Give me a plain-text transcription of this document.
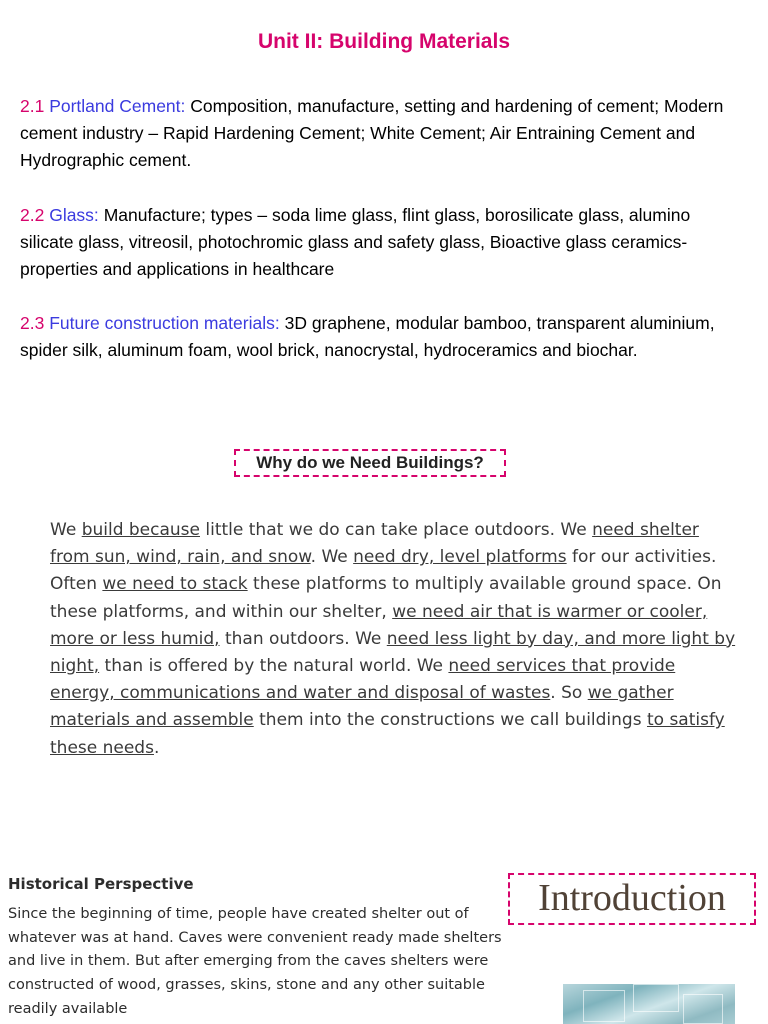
Unit II: Building Materials
2.1 Portland Cement: Composition, manufacture, setting and hardening of cement; Modern cement industry – Rapid Hardening Cement; White Cement; Air Entraining Cement and Hydrographic cement.
2.2 Glass: Manufacture; types – soda lime glass, flint glass, borosilicate glass, alumino silicate glass, vitreosil, photochromic glass and safety glass, Bioactive glass ceramics-properties and applications in healthcare
2.3 Future construction materials: 3D graphene, modular bamboo, transparent aluminium, spider silk, aluminum foam, wool brick, nanocrystal, hydroceramics and biochar.
Why do we Need Buildings?
We build because little that we do can take place outdoors. We need shelter from sun, wind, rain, and snow. We need dry, level platforms for our activities. Often we need to stack these platforms to multiply available ground space. On these platforms, and within our shelter, we need air that is warmer or cooler, more or less humid, than outdoors. We need less light by day, and more light by night, than is offered by the natural world. We need services that provide energy, communications and water and disposal of wastes. So we gather materials and assemble them into the constructions we call buildings to satisfy these needs.
Historical Perspective
Since the beginning of time, people have created shelter out of whatever was at hand. Caves were convenient ready made shelters and live in them. But after emerging from the caves shelters were constructed of wood, grasses, skins, stone and any other suitable readily available
Introduction
